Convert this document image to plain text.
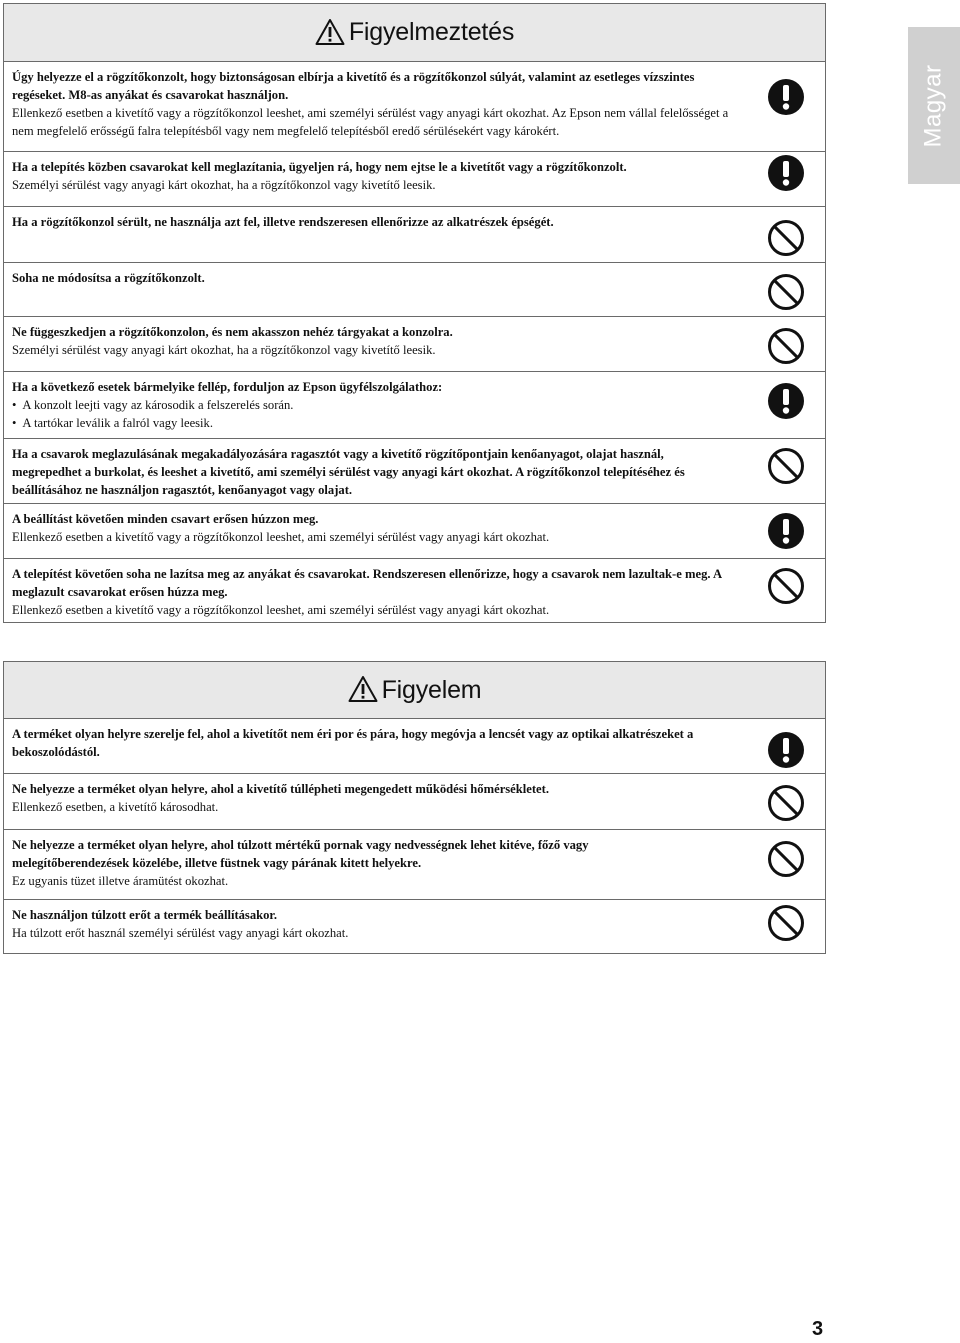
Magyar
Figyelmeztetés

Úgy helyezze el a rögzítőkonzolt, hogy biztonságosan elbírja a kivetítő és a rögzítőkonzol súlyát, valamint az esetleges vízszintes regéseket. M8-as anyákat és csavarokat használjon.

Ellenkező esetben a kivetítő vagy a rögzítőkonzol leeshet, ami személyi sérülést vagy anyagi kárt okozhat. Az Epson nem vállal felelősséget a nem megfelelő erősségű falra telepítésből vagy nem megfelelő telepítésből eredő sérülésekért vagy károkért.

Ha a telepítés közben csavarokat kell meglazítania, ügyeljen rá, hogy nem ejtse le a kivetítőt vagy a rögzítőkonzolt.

Személyi sérülést vagy anyagi kárt okozhat, ha a rögzítőkonzol vagy kivetítő leesik.

Ha a rögzítőkonzol sérült, ne használja azt fel, illetve rendszeresen ellenőrizze az alkatrészek épségét.

Soha ne módosítsa a rögzítőkonzolt.

Ne függeszkedjen a rögzítőkonzolon, és nem akasszon nehéz tárgyakat a konzolra.

Személyi sérülést vagy anyagi kárt okozhat, ha a rögzítőkonzol vagy kivetítő leesik.

Ha a következő esetek bármelyike fellép, forduljon az Epson ügyfélszolgálathoz:

• A konzolt leejti vagy az károsodik a felszerelés során.
• A tartókar leválik a falról vagy leesik.

Ha a csavarok meglazulásának megakadályozására ragasztót vagy a kivetítő rögzítőpontjain kenőanyagot, olajat használ, megrepedhet a burkolat, és leeshet a kivetítő, ami személyi sérülést vagy anyagi kárt okozhat. A rögzítőkonzol telepítéséhez és beállításához ne használjon ragasztót, kenőanyagot vagy olajat.

A beállítást követően minden csavart erősen húzzon meg.

Ellenkező esetben a kivetítő vagy a rögzítőkonzol leeshet, ami személyi sérülést vagy anyagi kárt okozhat.

A telepítést követően soha ne lazítsa meg az anyákat és csavarokat. Rendszeresen ellenőrizze, hogy a csavarok nem lazultak-e meg. A meglazult csavarokat erősen húzza meg.

Ellenkező esetben a kivetítő vagy a rögzítőkonzol leeshet, ami személyi sérülést vagy anyagi kárt okozhat.

Figyelem

A terméket olyan helyre szerelje fel, ahol a kivetítőt nem éri por és pára, hogy megóvja a lencsét vagy az optikai alkatrészeket a bekoszolódástól.

Ne helyezze a terméket olyan helyre, ahol a kivetítő túllépheti megengedett működési hőmérsékletet.

Ellenkező esetben, a kivetítő károsodhat.

Ne helyezze a terméket olyan helyre, ahol túlzott mértékű pornak vagy nedvességnek lehet kitéve, főző vagy melegítőberendezések közelébe, illetve füstnek vagy párának kitett helyekre.

Ez ugyanis tüzet illetve áramütést okozhat.

Ne használjon túlzott erőt a termék beállításakor.

Ha túlzott erőt használ személyi sérülést vagy anyagi kárt okozhat.

3
